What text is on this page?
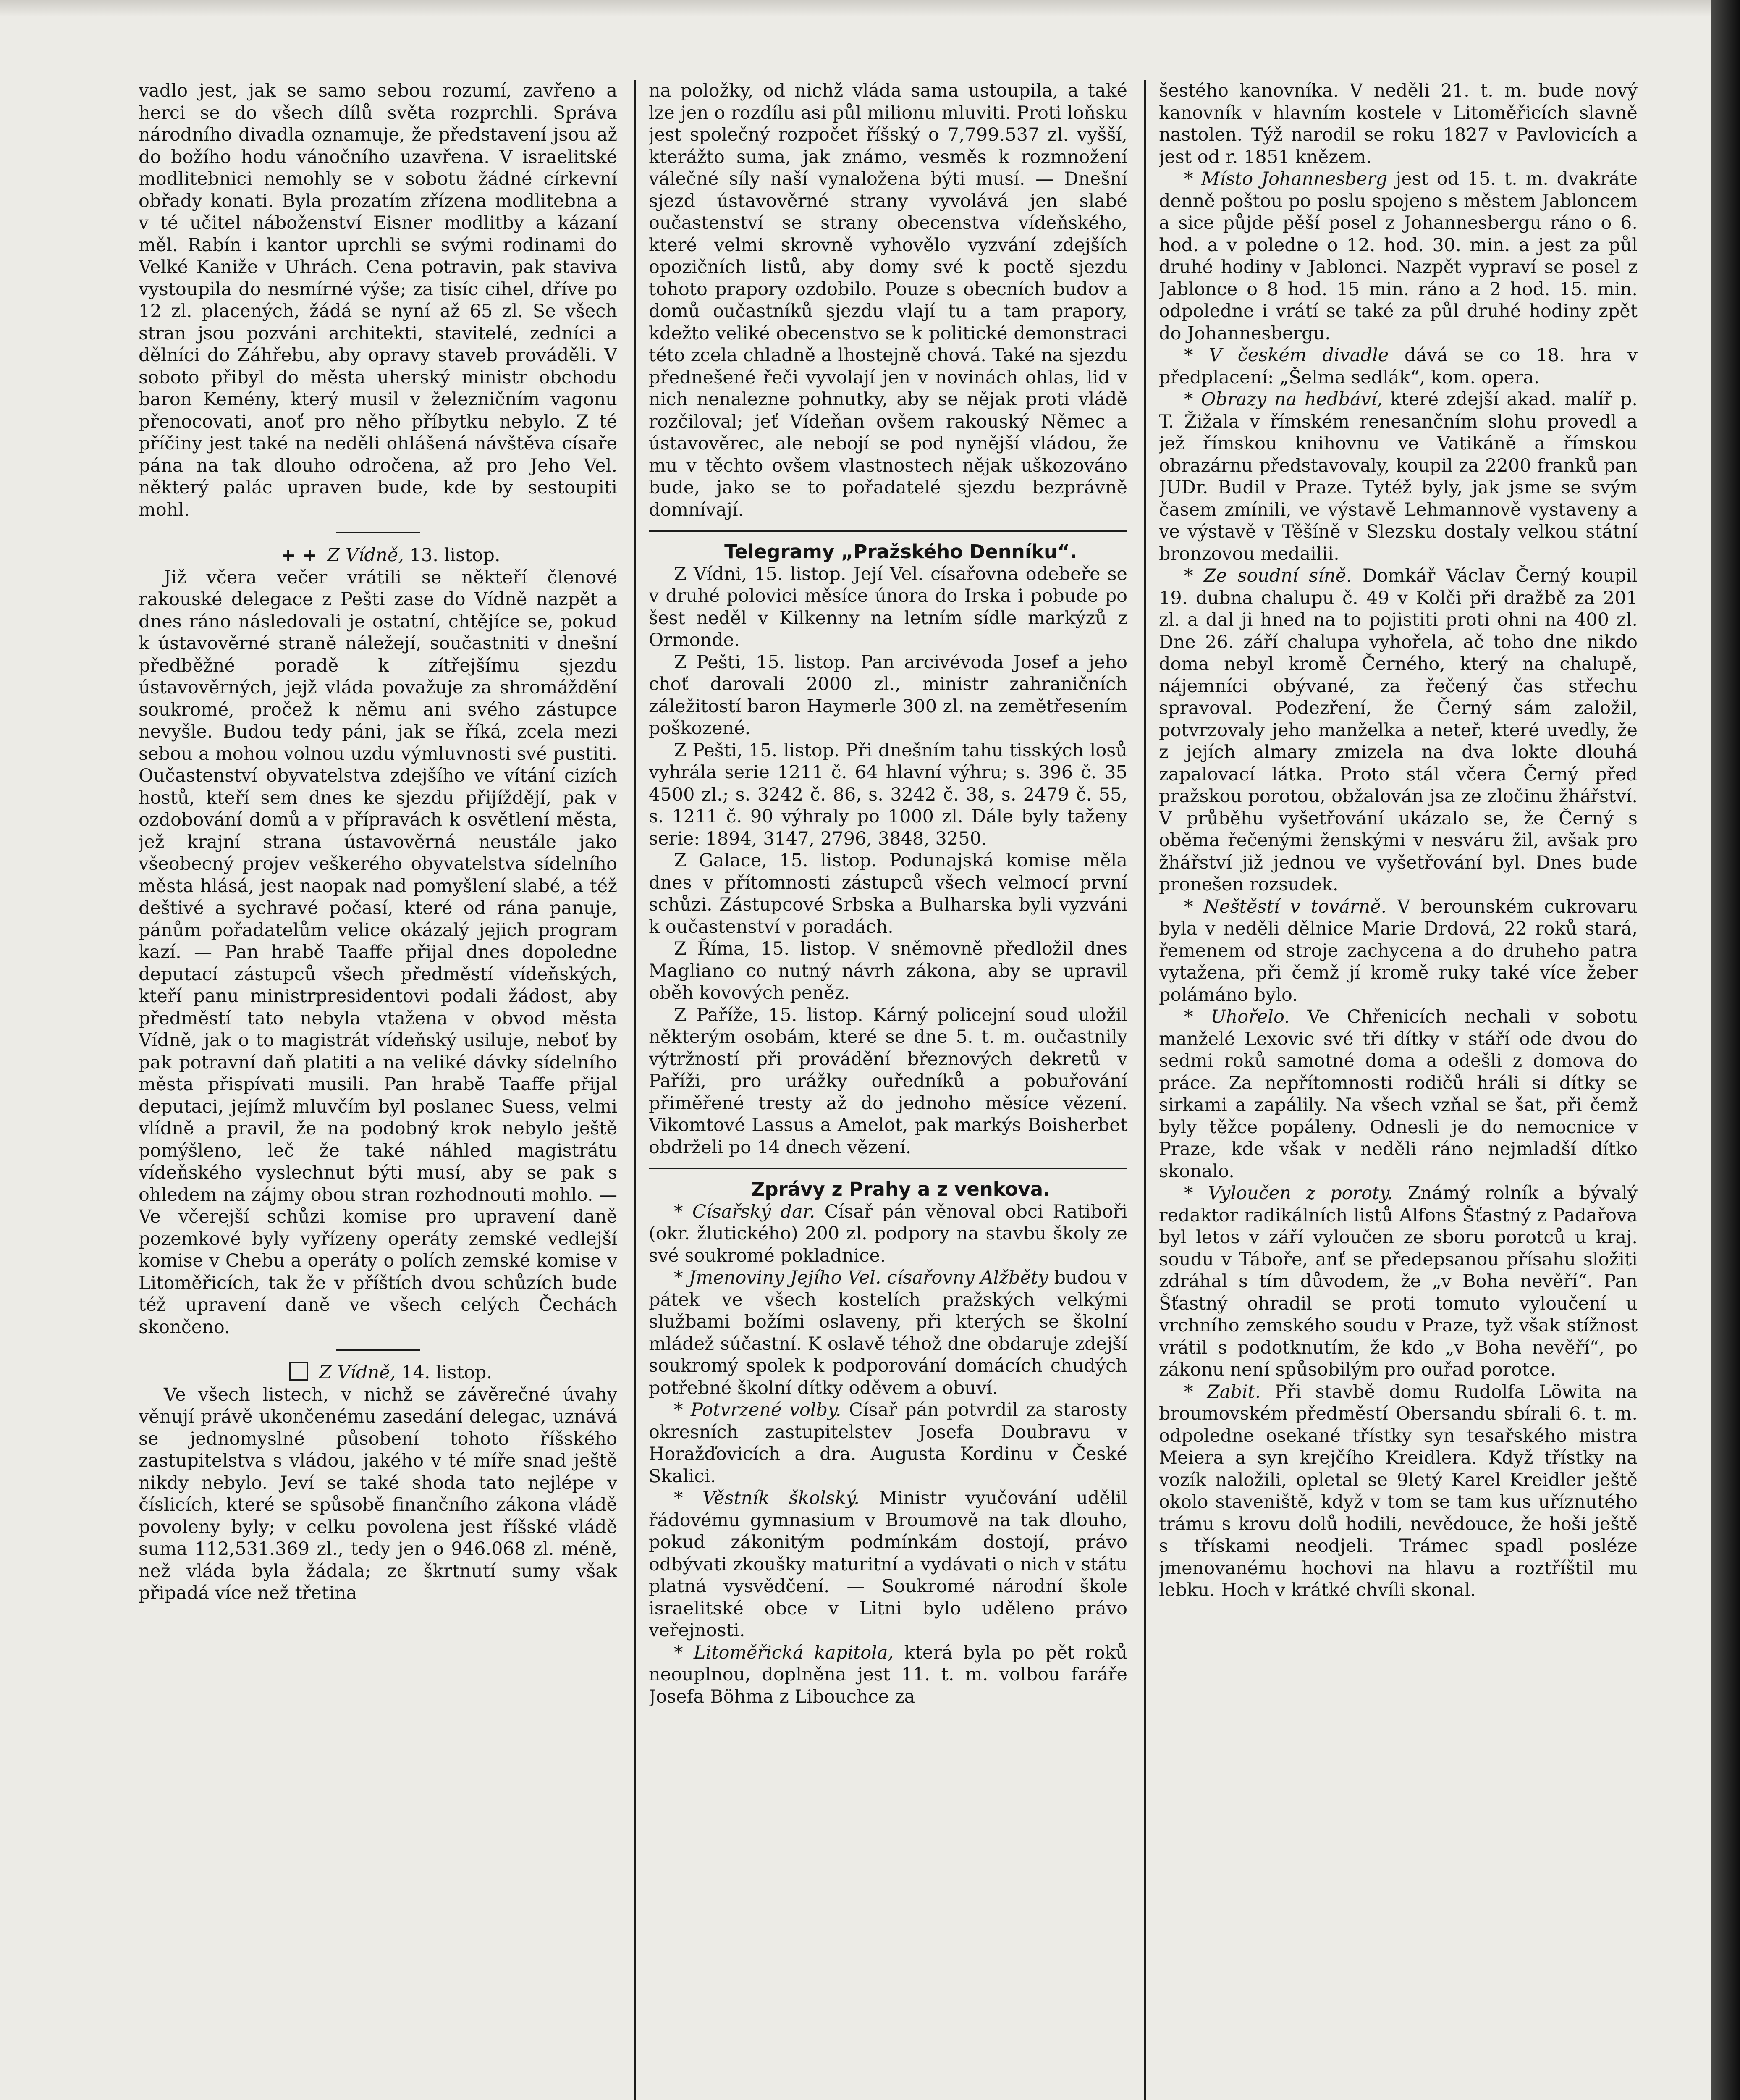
vadlo jest, jak se samo sebou rozumí, zavřeno a herci se do všech dílů světa rozprchli. Správa národního divadla oznamuje, že představení jsou až do božího hodu vánočního uzavřena. V israelitské modlitebnici nemohly se v sobotu žádné církevní obřady konati. Byla prozatím zřízena modlitebna a v té učitel náboženství Eisner modlitby a kázaní měl. Rabín i kantor uprchli se svými rodinami do Velké Kaniže v Uhrách. Cena potravin, pak staviva vystoupila do nesmírné výše; za tisíc cihel, dříve po 12 zl. placených, žádá se nyní až 65 zl. Se všech stran jsou pozváni architekti, stavitelé, zedníci a dělníci do Záhřebu, aby opravy staveb prováděli. V soboto přibyl do města uherský ministr obchodu baron Kemény, který musil v železničním vagonu přenocovati, anoť pro něho příbytku nebylo. Z té příčiny jest také na neděli ohlášená návštěva císaře pána na tak dlouho odročena, až pro Jeho Vel. některý palác upraven bude, kde by sestoupiti mohl.

+ + Z Vídně, 13. listop.

Již včera večer vrátili se někteří členové rakouské delegace z Pešti zase do Vídně nazpět a dnes ráno následovali je ostatní, chtějíce se, pokud k ústavověrné straně náležejí, součastniti v dnešní předběžné poradě k zítřejšímu sjezdu ústavověrných, jejž vláda považuje za shromáždění soukromé, pročež k němu ani svého zástupce nevyšle. Budou tedy páni, jak se říká, zcela mezi sebou a mohou volnou uzdu výmluvnosti své pustiti. Oučastenství obyvatelstva zdejšího ve vítání cizích hostů, kteří sem dnes ke sjezdu přijíždějí, pak v ozdobování domů a v přípravách k osvětlení města, jež krajní strana ústavověrná neustále jako všeobecný projev veškerého obyvatelstva sídelního města hlásá, jest naopak nad pomyšlení slabé, a též deštivé a sychravé počasí, které od rána panuje, pánům pořadatelům velice okázalý jejich program kazí. — Pan hrabě Taaffe přijal dnes dopoledne deputací zástupců všech předměstí vídeňských, kteří panu ministrpresidentovi podali žádost, aby předměstí tato nebyla vtažena v obvod města Vídně, jak o to magistrát vídeňský usiluje, neboť by pak potravní daň platiti a na veliké dávky sídelního města přispívati musili. Pan hrabě Taaffe přijal deputaci, jejímž mluvčím byl poslanec Suess, velmi vlídně a pravil, že na podobný krok nebylo ještě pomýšleno, leč že také náhled magistrátu vídeňského vyslechnut býti musí, aby se pak s ohledem na zájmy obou stran rozhodnouti mohlo. — Ve včerejší schůzi komise pro upravení daně pozemkové byly vyřízeny operáty zemské vedlejší komise v Chebu a operáty o polích zemské komise v Litoměřicích, tak že v příštích dvou schůzích bude též upravení daně ve všech celých Čechách skončeno.

Z Vídně, 14. listop.

Ve všech listech, v nichž se závěrečné úvahy věnují právě ukončenému zasedání delegac, uznává se jednomyslné působení tohoto říšského zastupitelstva s vládou, jakého v té míře snad ještě nikdy nebylo. Jeví se také shoda tato nejlépe v číslicích, které se spůsobě finančního zákona vládě povoleny byly; v celku povolena jest říšské vládě suma 112,531.369 zl., tedy jen o 946.068 zl. méně, než vláda byla žádala; ze škrtnutí sumy však připadá více než třetina

na položky, od nichž vláda sama ustoupila, a také lze jen o rozdílu asi půl milionu mluviti. Proti loňsku jest společný rozpočet říšský o 7,799.537 zl. vyšší, kterážto suma, jak známo, vesměs k rozmnožení válečné síly naší vynaložena býti musí. — Dnešní sjezd ústavověrné strany vyvolává jen slabé oučastenství se strany obecenstva vídeňského, které velmi skrovně vyhovělo vyzvání zdejších opozičních listů, aby domy své k poctě sjezdu tohoto prapory ozdobilo. Pouze s obecních budov a domů oučastníků sjezdu vlají tu a tam prapory, kdežto veliké obecenstvo se k politické demonstraci této zcela chladně a lhostejně chová. Také na sjezdu přednešené řeči vyvolají jen v novinách ohlas, lid v nich nenalezne pohnutky, aby se nějak proti vládě rozčiloval; jeť Vídeňan ovšem rakouský Němec a ústavověrec, ale nebojí se pod nynější vládou, že mu v těchto ovšem vlastnostech nějak uškozováno bude, jako se to pořadatelé sjezdu bezprávně domnívají.

Telegramy „Pražského Denníku“.

Z Vídni, 15. listop. Její Vel. císařovna odebeře se v druhé polovici měsíce února do Irska i pobude po šest neděl v Kilkenny na letním sídle markýzů z Ormonde.

Z Pešti, 15. listop. Pan arcivévoda Josef a jeho choť darovali 2000 zl., ministr zahraničních záležitostí baron Haymerle 300 zl. na zemětřesením poškozené.

Z Pešti, 15. listop. Při dnešním tahu tisských losů vyhrála serie 1211 č. 64 hlavní výhru; s. 396 č. 35 4500 zl.; s. 3242 č. 86, s. 3242 č. 38, s. 2479 č. 55, s. 1211 č. 90 výhraly po 1000 zl. Dále byly taženy serie: 1894, 3147, 2796, 3848, 3250.

Z Galace, 15. listop. Podunajská komise měla dnes v přítomnosti zástupců všech velmocí první schůzi. Zástupcové Srbska a Bulharska byli vyzváni k oučastenství v poradách.

Z Říma, 15. listop. V sněmovně předložil dnes Magliano co nutný návrh zákona, aby se upravil oběh kovových peněz.

Z Paříže, 15. listop. Kárný policejní soud uložil některým osobám, které se dne 5. t. m. oučastnily výtržností při provádění březnových dekretů v Paříži, pro urážky ouředníků a pobuřování přiměřené tresty až do jednoho měsíce vězení. Vikomtové Lassus a Amelot, pak markýs Boisherbet obdrželi po 14 dnech vězení.

Zprávy z Prahy a z venkova.

* Císařský dar. Císař pán věnoval obci Ratiboři (okr. žlutického) 200 zl. podpory na stavbu školy ze své soukromé pokladnice.

* Jmenoviny Jejího Vel. císařovny Alžběty budou v pátek ve všech kostelích pražských velkými službami božími oslaveny, při kterých se školní mládež súčastní. K oslavě téhož dne obdaruje zdejší soukromý spolek k podporování domácích chudých potřebné školní dítky oděvem a obuví.

* Potvrzené volby. Císař pán potvrdil za starosty okresních zastupitelstev Josefa Doubravu v Horažďovicích a dra. Augusta Kordinu v České Skalici.

* Věstník školský. Ministr vyučování udělil řádovému gymnasium v Broumově na tak dlouho, pokud zákonitým podmínkám dostojí, právo odbývati zkoušky maturitní a vydávati o nich v státu platná vysvědčení. — Soukromé národní škole israelitské obce v Litni bylo uděleno právo veřejnosti.

* Litoměřická kapitola, která byla po pět roků neouplnou, doplněna jest 11. t. m. volbou faráře Josefa Böhma z Libouchce za

šestého kanovníka. V neděli 21. t. m. bude nový kanovník v hlavním kostele v Litoměřicích slavně nastolen. Týž narodil se roku 1827 v Pavlovicích a jest od r. 1851 knězem.

* Místo Johannesberg jest od 15. t. m. dvakráte denně poštou po poslu spojeno s městem Jabloncem a sice půjde pěší posel z Johannesbergu ráno o 6. hod. a v poledne o 12. hod. 30. min. a jest za půl druhé hodiny v Jablonci. Nazpět vypraví se posel z Jablonce o 8 hod. 15 min. ráno a 2 hod. 15. min. odpoledne i vrátí se také za půl druhé hodiny zpět do Johannesbergu.

* V českém divadle dává se co 18. hra v předplacení: „Šelma sedlák“, kom. opera.

* Obrazy na hedbáví, které zdejší akad. malíř p. T. Žižala v římském renesančním slohu provedl a jež římskou knihovnu ve Vatikáně a římskou obrazárnu představovaly, koupil za 2200 franků pan JUDr. Budil v Praze. Tytéž byly, jak jsme se svým časem zmínili, ve výstavě Lehmannově vystaveny a ve výstavě v Těšíně v Slezsku dostaly velkou státní bronzovou medailii.

* Ze soudní síně. Domkář Václav Černý koupil 19. dubna chalupu č. 49 v Kolči při dražbě za 201 zl. a dal ji hned na to pojistiti proti ohni na 400 zl. Dne 26. září chalupa vyhořela, ač toho dne nikdo doma nebyl kromě Černého, který na chalupě, nájemníci obývané, za řečený čas střechu spravoval. Podezření, že Černý sám založil, potvrzovaly jeho manželka a neteř, které uvedly, že z jejích almary zmizela na dva lokte dlouhá zapalovací látka. Proto stál včera Černý před pražskou porotou, obžalován jsa ze zločinu žhářství. V průběhu vyšetřování ukázalo se, že Černý s oběma řečenými ženskými v nesváru žil, avšak pro žhářství již jednou ve vyšetřování byl. Dnes bude pronešen rozsudek.

* Neštěstí v továrně. V berounském cukrovaru byla v neděli dělnice Marie Drdová, 22 roků stará, řemenem od stroje zachycena a do druheho patra vytažena, při čemž jí kromě ruky také více žeber polámáno bylo.

* Uhořelo. Ve Chřenicích nechali v sobotu manželé Lexovic své tři dítky v stáří ode dvou do sedmi roků samotné doma a odešli z domova do práce. Za nepřítomnosti rodičů hráli si dítky se sirkami a zapálily. Na všech vzňal se šat, při čemž byly těžce popáleny. Odnesli je do nemocnice v Praze, kde však v neděli ráno nejmladší dítko skonalo.

* Vyloučen z poroty. Známý rolník a bývalý redaktor radikálních listů Alfons Šťastný z Padařova byl letos v září vyloučen ze sboru porotců u kraj. soudu v Táboře, anť se předepsanou přísahu složiti zdráhal s tím důvodem, že „v Boha nevěří“. Pan Šťastný ohradil se proti tomuto vyloučení u vrchního zemského soudu v Praze, tyž však stížnost vrátil s podotknutím, že kdo „v Boha nevěří“, po zákonu není spůsobilým pro ouřad porotce.

* Zabit. Při stavbě domu Rudolfa Löwita na broumovském předměstí Obersandu sbírali 6. t. m. odpoledne osekané třístky syn tesařského mistra Meiera a syn krejčího Kreidlera. Když třístky na vozík naložili, opletal se 9letý Karel Kreidler ještě okolo staveniště, když v tom se tam kus uříznutého trámu s krovu dolů hodili, nevědouce, že hoši ještě s třískami neodjeli. Trámec spadl posléze jmenovanému hochovi na hlavu a roztříštil mu lebku. Hoch v krátké chvíli skonal.
